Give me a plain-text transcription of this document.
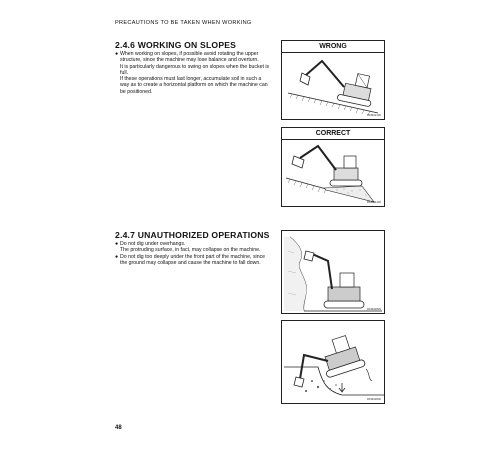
PRECAUTIONS TO BE TAKEN WHEN WORKING
2.4.6 WORKING ON SLOPES
● When working on slopes, if possible avoid rotating the upper structure, since the machine may lose balance and overturn.

It is particularly dangerous to swing on slopes when the bucket is full.

If these operations must last longer, accumulate soil in such a way as to create a horizontal platform on which the machine can be positioned.

WRONG
RKM02130
CORRECT
RKM02140
2.4.7 UNAUTHORIZED OPERATIONS
● Do not dig under overhangs.

The protruding surface, in fact, may collapse on the machine.

● Do not dig too deeply under the front part of the machine, since the ground may collapse and cause the machine to fall down.
RKM02820
RKM02830
48
